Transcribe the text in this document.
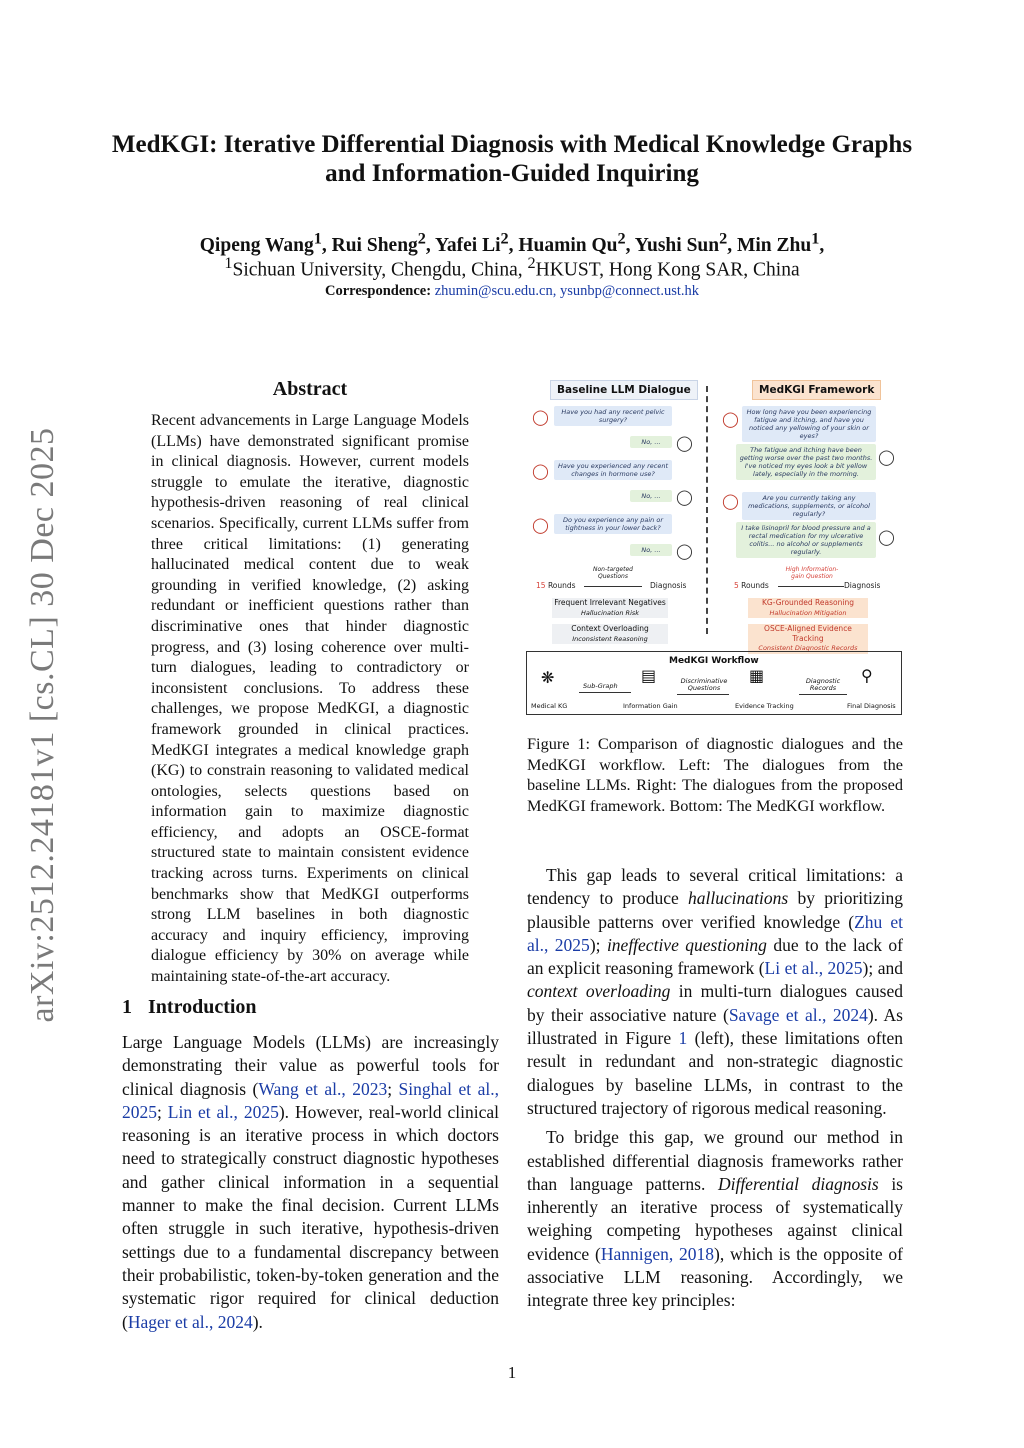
arXiv:2512.24181v1 [cs.CL] 30 Dec 2025
MedKGI: Iterative Differential Diagnosis with Medical Knowledge Graphs and Information-Guided Inquiring
Qipeng Wang$^1$, Rui Sheng$^2$, Yafei Li$^2$, Huamin Qu$^2$, Yushi Sun$^2$, Min Zhu$^1$,
$^1$Sichuan University, Chengdu, China, $^2$HKUST, Hong Kong SAR, China
Correspondence: zhumin@scu.edu.cn, ysunbp@connect.ust.hk
Abstract
Recent advancements in Large Language Models (LLMs) have demonstrated significant promise in clinical diagnosis. However, current models struggle to emulate the iterative, diagnostic hypothesis-driven reasoning of real clinical scenarios. Specifically, current LLMs suffer from three critical limitations: (1) generating hallucinated medical content due to weak grounding in verified knowledge, (2) asking redundant or inefficient questions rather than discriminative ones that hinder diagnostic progress, and (3) losing coherence over multi-turn dialogues, leading to contradictory or inconsistent conclusions. To address these challenges, we propose MedKGI, a diagnostic framework grounded in clinical practices. MedKGI integrates a medical knowledge graph (KG) to constrain reasoning to validated medical ontologies, selects questions based on information gain to maximize diagnostic efficiency, and adopts an OSCE-format structured state to maintain consistent evidence tracking across turns. Experiments on clinical benchmarks show that MedKGI outperforms strong LLM baselines in both diagnostic accuracy and inquiry efficiency, improving dialogue efficiency by 30% on average while maintaining state-of-the-art accuracy.
1 Introduction
Large Language Models (LLMs) are increasingly demonstrating their value as powerful tools for clinical diagnosis (Wang et al., 2023; Singhal et al., 2025; Lin et al., 2025). However, real-world clinical reasoning is an iterative process in which doctors need to strategically construct diagnostic hypotheses and gather clinical information in a sequential manner to make the final decision. Current LLMs often struggle in such iterative, hypothesis-driven settings due to a fundamental discrepancy between their probabilistic, token-by-token generation and the systematic rigor required for clinical deduction (Hager et al., 2024).
Baseline LLM Dialogue	MedKGI Framework
◯	Have you had any recent pelvic surgery?
No, ...	◯
◯	Have you experienced any recent changes in hormone use?
No, ...	◯
◯	Do you experience any pain or tightness in your lower back?
No, ...	◯
15 Rounds
Non-targeted Questions
Diagnosis
Frequent Irrelevant Negatives
Hallucination Risk
Context Overloading
Inconsistent Reasoning
◯	How long have you been experiencing fatigue and itching, and have you noticed any yellowing of your skin or eyes?
The fatigue and itching have been getting worse over the past two months. I've noticed my eyes look a bit yellow lately, especially in the morning.
◯
◯	Are you currently taking any medications, supplements, or alcohol regularly?
I take lisinopril for blood pressure and a rectal medication for my ulcerative colitis... no alcohol or supplements regularly.
◯
5 Rounds
High Information-gain Question
Diagnosis
KG-Grounded Reasoning
Hallucination Mitigation
OSCE-Aligned Evidence Tracking
Consistent Diagnostic Records
MedKGI Workflow
❋
Medical KG
Sub-Graph
▤
Information Gain
Discriminative Questions
▦
Evidence Tracking
Diagnostic Records
⚲
Final Diagnosis
Figure 1: Comparison of diagnostic dialogues and the MedKGI workflow. Left: The dialogues from the baseline LLMs. Right: The dialogues from the proposed MedKGI framework. Bottom: The MedKGI workflow.

This gap leads to several critical limitations: a tendency to produce hallucinations by prioritizing plausible patterns over verified knowledge (Zhu et al., 2025); ineffective questioning due to the lack of an explicit reasoning framework (Li et al., 2025); and context overloading in multi-turn dialogues caused by their associative nature (Savage et al., 2024). As illustrated in Figure 1 (left), these limitations often result in redundant and non-strategic diagnostic dialogues by baseline LLMs, in contrast to the structured trajectory of rigorous medical reasoning.

To bridge this gap, we ground our method in established differential diagnosis frameworks rather than language patterns. Differential diagnosis is inherently an iterative process of systematically weighing competing hypotheses against clinical evidence (Hannigen, 2018), which is the opposite of associative LLM reasoning. Accordingly, we integrate three key principles:

1
